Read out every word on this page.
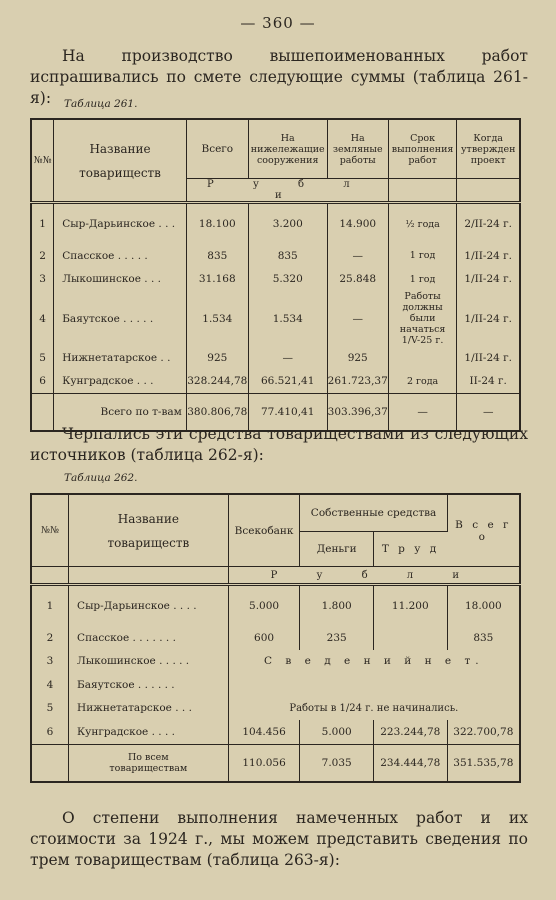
— 360 —
На производство вышепоименованных работ испрашивались по смете следующие суммы (таблица 261-я):	Таблица 261.
№№	Название товариществ	Всего	На нижележащие сооружения	На земляные работы	Срок выполнения работ	Когда утвержден проект
		Р у б л и				
1	Сыр-Дарьинское . . .	18.100	3.200	14.900	½ года	2/II-24 г.
2	Спасское . . . . .	835	835	—	1 год	1/II-24 г.
3	Лыкошинское . . .	31.168	5.320	25.848	1 год	1/II-24 г.
4	Баяутское . . . . .	1.534	1.534	—	Работы должны были начаться 1/V-25 г.	1/II-24 г.
5	Нижнетатарское . .	925	—	925		1/II-24 г.
6	Кунградское . . .	328.244,78	66.521,41	261.723,37	2 года	II-24 г.
	Всего по т-вам	380.806,78	77.410,41	303.396,37	—	—
Черпались эти средства товариществами из следующих источников (таблица 262-я):
Таблица 262.
№№	Название товариществ	Всекобанк	Собственные средства		В с е г о
			Деньги	Т р у д	
		Р у б л и			
1	Сыр-Дарьинское . . . .	5.000	1.800	11.200	18.000
2	Спасское . . . . . . .	600	235		835
3	Лыкошинское . . . . .	С в е д е н и й н е т.			
4	Баяутское . . . . . .				
5	Нижнетатарское . . .	Работы в 1/24 г. не начинались.			
6	Кунградское . . . .	104.456	5.000	223.244,78	322.700,78
	По всем товариществам	110.056	7.035	234.444,78	351.535,78
О степени выполнения намеченных работ и их стоимости за 1924 г., мы можем представить сведения по трем товариществам (таблица 263-я):
